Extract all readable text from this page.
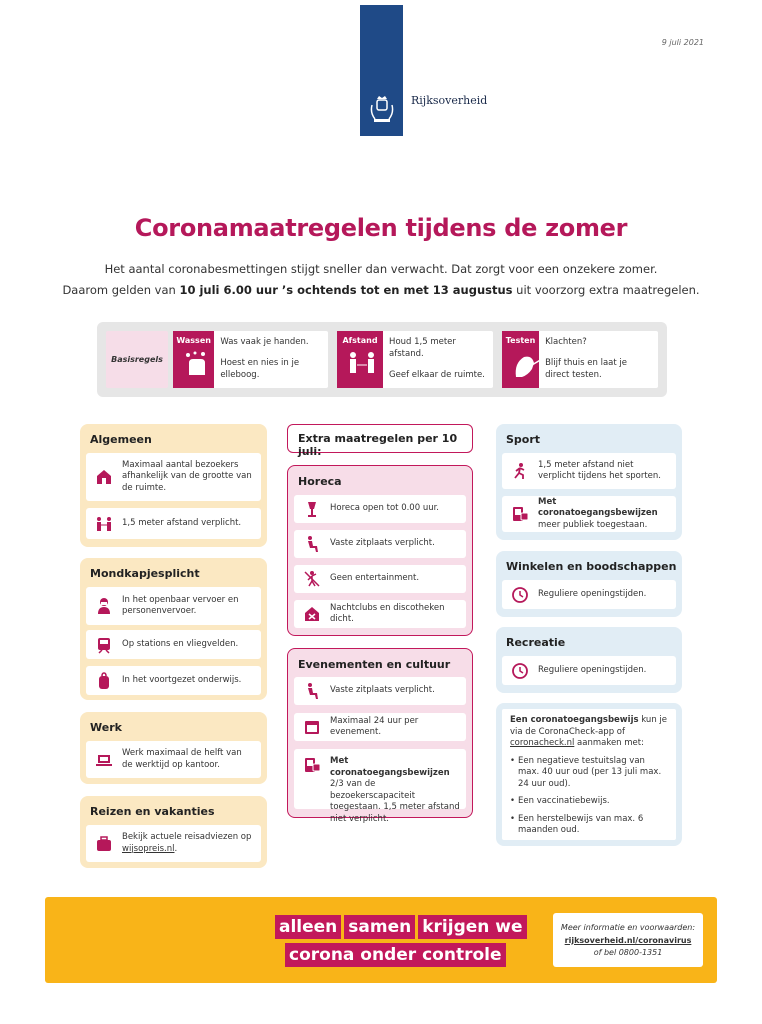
9 juli 2021
Rijksoverheid
Coronamaatregelen tijdens de zomer
Het aantal coronabesmettingen stijgt sneller dan verwacht. Dat zorgt voor een onzekere zomer.
Daarom gelden van 10 juli 6.00 uur ’s ochtends tot en met 13 augustus uit voorzorg extra maatregelen.
Basisregels
Wassen	Was vaak je handen.

Hoest en nies in je elleboog.

Afstand	Houd 1,5 meter afstand.

Geef elkaar de ruimte.

Testen	Klachten?

Blijf thuis en laat je direct testen.

Algemeen
Maximaal aantal bezoekers afhankelijk van de grootte van de ruimte.
1,5 meter afstand verplicht.
Mondkapjesplicht
In het openbaar vervoer en personenvervoer.
Op stations en vliegvelden.
In het voortgezet onderwijs.
Werk
Werk maximaal de helft van de werktijd op kantoor.
Reizen en vakanties
Bekijk actuele reisadviezen op wijsopreis.nl.
Extra maatregelen per 10 juli:
Horeca
Horeca open tot 0.00 uur.
Vaste zitplaats verplicht.
Geen entertainment.
Nachtclubs en discotheken dicht.
Evenementen en cultuur
Vaste zitplaats verplicht.
Maximaal 24 uur per evenement.
Met coronatoegangsbewijzen
2/3 van de bezoekerscapaciteit toegestaan. 1,5 meter afstand niet verplicht.
Sport
1,5 meter afstand niet verplicht tijdens het sporten.
Met coronatoegangsbewijzen
meer publiek toegestaan.
Winkelen en boodschappen
Reguliere openingstijden.
Recreatie
Reguliere openingstijden.
Een coronatoegangsbewijs kun je via de CoronaCheck-app of coronacheck.nl aanmaken met:
• Een negatieve testuitslag van max. 40 uur oud (per 13 juli max. 24 uur oud).
• Een vaccinatiebewijs.
• Een herstelbewijs van max. 6 maanden oud.
alleen samen krijgen we
corona onder controle
Meer informatie en voorwaarden:
rijksoverheid.nl/coronavirus
of bel 0800-1351
